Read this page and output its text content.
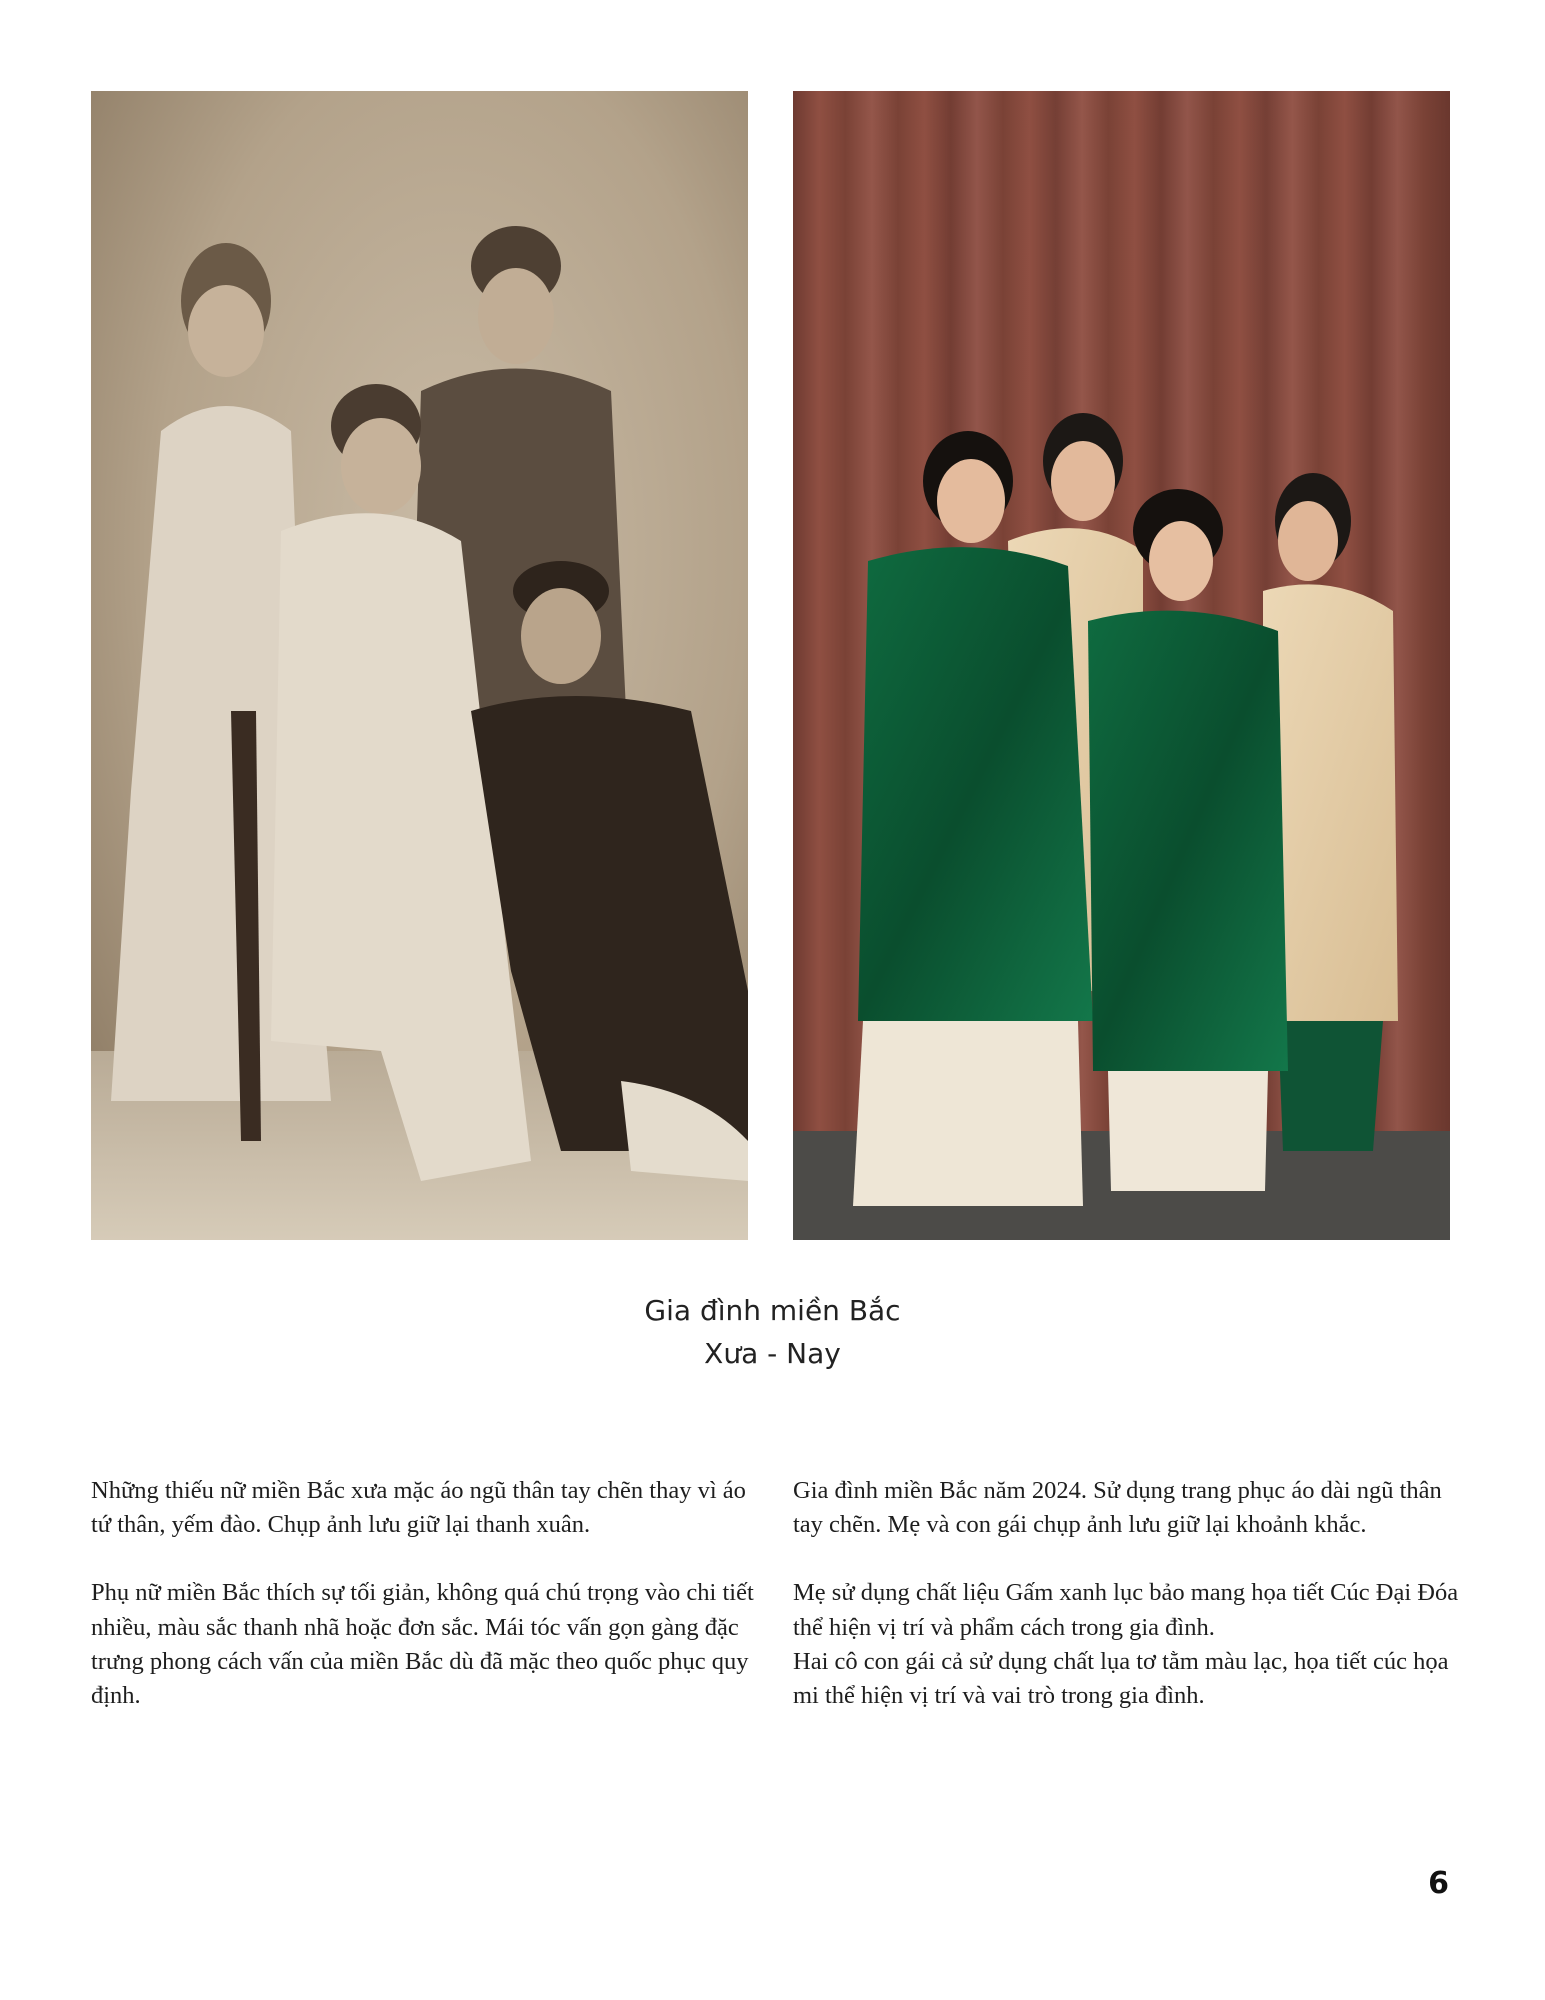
Gia đình miền Bắc
Xưa - Nay

Những thiếu nữ miền Bắc xưa mặc áo ngũ thân tay chẽn thay vì áo tứ thân, yếm đào. Chụp ảnh lưu giữ lại thanh xuân.

Phụ nữ miền Bắc thích sự tối giản, không quá chú trọng vào chi tiết nhiều, màu sắc thanh nhã hoặc đơn sắc. Mái tóc vấn gọn gàng đặc trưng phong cách vấn của miền Bắc dù đã mặc theo quốc phục quy định.

Gia đình miền Bắc năm 2024. Sử dụng trang phục áo dài ngũ thân tay chẽn. Mẹ và con gái chụp ảnh lưu giữ lại khoảnh khắc.

Mẹ sử dụng chất liệu Gấm xanh lục bảo mang họa tiết Cúc Đại Đóa thể hiện vị trí và phẩm cách trong gia đình.
Hai cô con gái cả sử dụng chất lụa tơ tằm màu lạc, họa tiết cúc họa mi thể hiện vị trí và vai trò trong gia đình.

6
